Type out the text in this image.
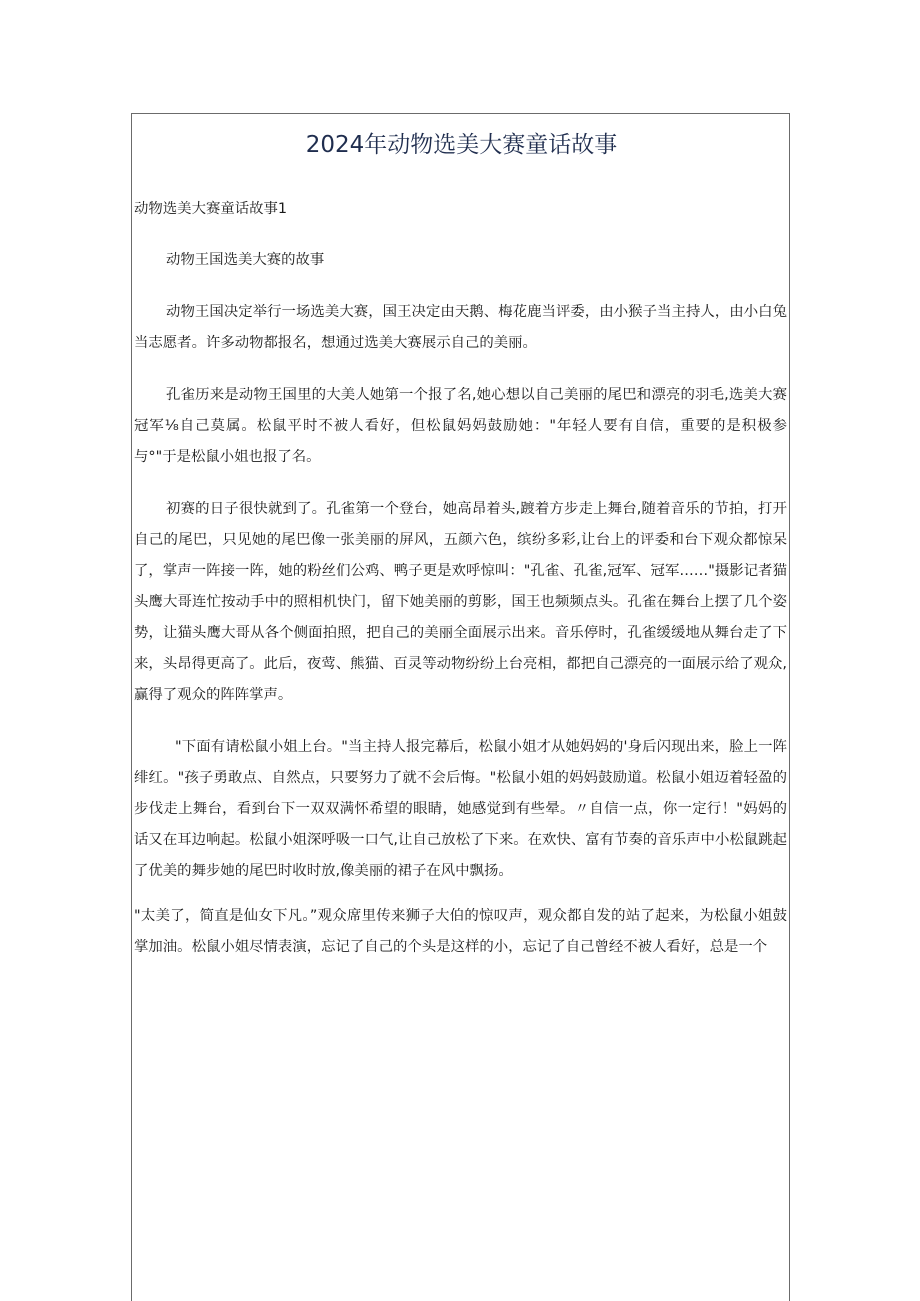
2024年动物选美大赛童话故事

动物选美大赛童话故事1

动物王国选美大赛的故事

动物王国决定举行一场选美大赛，国王决定由天鹅、梅花鹿当评委，由小猴子当主持人，由小白兔当志愿者。许多动物都报名，想通过选美大赛展示自己的美丽。

孔雀历来是动物王国里的大美人她第一个报了名,她心想以自己美丽的尾巴和漂亮的羽毛,选美大赛冠军⅛自己莫属。松鼠平时不被人看好，但松鼠妈妈鼓励她："年轻人要有自信，重要的是积极参与°"于是松鼠小姐也报了名。

初赛的日子很快就到了。孔雀第一个登台，她高昂着头,踱着方步走上舞台,随着音乐的节拍，打开自己的尾巴，只见她的尾巴像一张美丽的屏风，五颜六色，缤纷多彩,让台上的评委和台下观众都惊呆了，掌声一阵接一阵，她的粉丝们公鸡、鸭子更是欢呼惊叫："孔雀、孔雀,冠军、冠军……"摄影记者猫头鹰大哥连忙按动手中的照相机快门，留下她美丽的剪影，国王也频频点头。孔雀在舞台上摆了几个姿势，让猫头鹰大哥从各个侧面拍照，把自己的美丽全面展示出来。音乐停时，孔雀缓缓地从舞台走了下来，头昂得更高了。此后，夜莺、熊猫、百灵等动物纷纷上台亮相，都把自己漂亮的一面展示给了观众,赢得了观众的阵阵掌声。

"下面有请松鼠小姐上台。"当主持人报完幕后，松鼠小姐才从她妈妈的'身后闪现出来，脸上一阵绯红。"孩子勇敢点、自然点，只要努力了就不会后悔。"松鼠小姐的妈妈鼓励道。松鼠小姐迈着轻盈的步伐走上舞台，看到台下一双双满怀希望的眼睛，她感觉到有些晕。〃自信一点，你一定行！"妈妈的话又在耳边响起。松鼠小姐深呼吸一口气,让自己放松了下来。在欢快、富有节奏的音乐声中小松鼠跳起了优美的舞步她的尾巴时收时放,像美丽的裙子在风中飘扬。

"太美了，简直是仙女下凡。”观众席里传来狮子大伯的惊叹声，观众都自发的站了起来，为松鼠小姐鼓掌加油。松鼠小姐尽情表演，忘记了自己的个头是这样的小，忘记了自己曾经不被人看好，总是一个
